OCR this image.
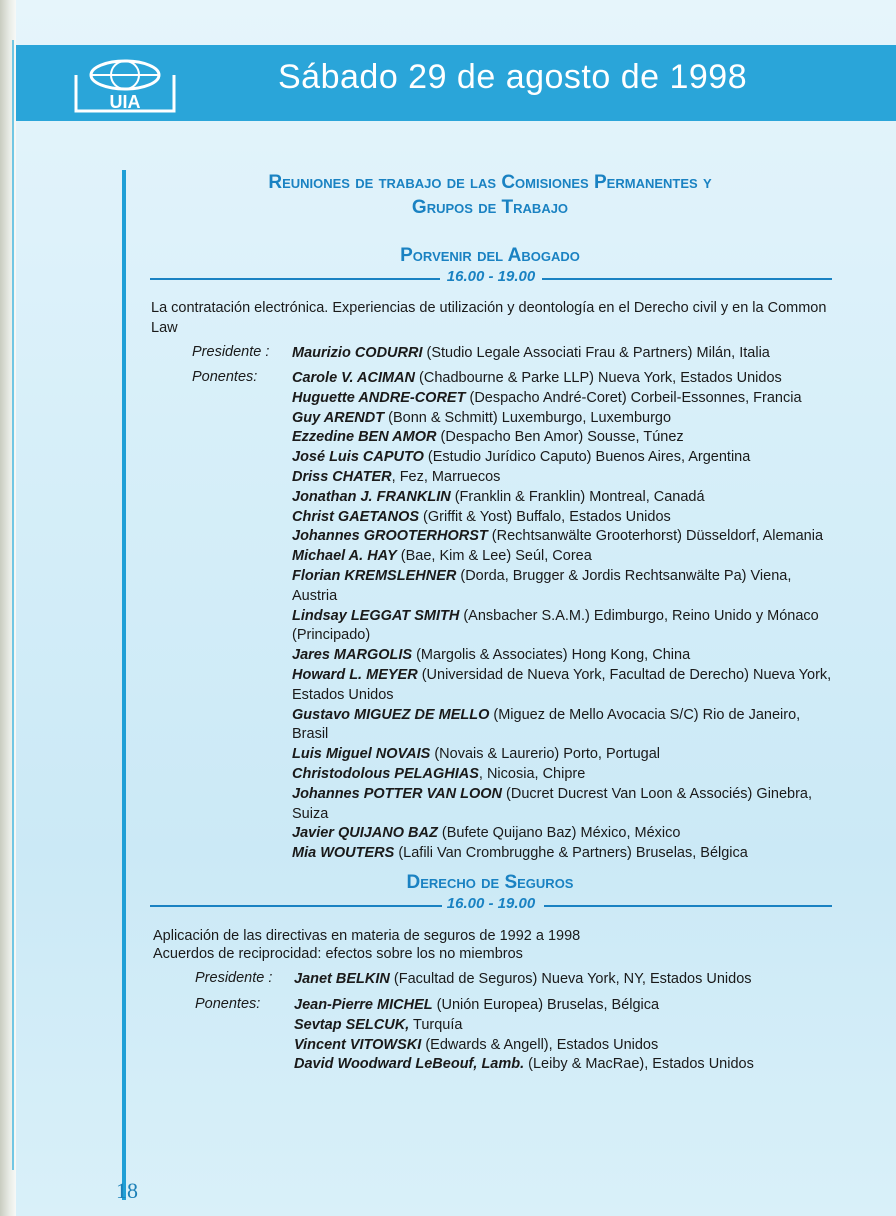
UIA
Sábado 29 de agosto de 1998
Reuniones de trabajo de las Comisiones Permanentes y
Grupos de Trabajo
Porvenir del Abogado
16.00 - 19.00
La contratación electrónica. Experiencias de utilización y deontología en el Derecho civil y en la Common Law
Presidente : Maurizio CODURRI (Studio Legale Associati Frau & Partners) Milán, Italia
Ponentes: Carole V. ACIMAN (Chadbourne & Parke LLP) Nueva York, Estados Unidos
Huguette ANDRE-CORET (Despacho André-Coret) Corbeil-Essonnes, Francia
Guy ARENDT (Bonn & Schmitt) Luxemburgo, Luxemburgo
Ezzedine BEN AMOR (Despacho Ben Amor) Sousse, Túnez
José Luis CAPUTO (Estudio Jurídico Caputo) Buenos Aires, Argentina
Driss CHATER, Fez, Marruecos
Jonathan J. FRANKLIN (Franklin & Franklin) Montreal, Canadá
Christ GAETANOS (Griffit & Yost) Buffalo, Estados Unidos
Johannes GROOTERHORST (Rechtsanwälte Grooterhorst) Düsseldorf, Alemania
Michael A. HAY (Bae, Kim & Lee) Seúl, Corea
Florian KREMSLEHNER (Dorda, Brugger & Jordis Rechtsanwälte Pa) Viena, Austria
Lindsay LEGGAT SMITH (Ansbacher S.A.M.) Edimburgo, Reino Unido y Mónaco (Principado)
Jares MARGOLIS (Margolis & Associates) Hong Kong, China
Howard L. MEYER (Universidad de Nueva York, Facultad de Derecho) Nueva York, Estados Unidos
Gustavo MIGUEZ DE MELLO (Miguez de Mello Avocacia S/C) Rio de Janeiro, Brasil
Luis Miguel NOVAIS (Novais & Laurerio) Porto, Portugal
Christodolous PELAGHIAS, Nicosia, Chipre
Johannes POTTER VAN LOON (Ducret Ducrest Van Loon & Associés) Ginebra, Suiza
Javier QUIJANO BAZ (Bufete Quijano Baz) México, México
Mia WOUTERS (Lafili Van Crombrugghe & Partners) Bruselas, Bélgica
Derecho de Seguros
16.00 - 19.00
Aplicación de las directivas en materia de seguros de 1992 a 1998
Acuerdos de reciprocidad: efectos sobre los no miembros
Presidente : Janet BELKIN (Facultad de Seguros) Nueva York, NY, Estados Unidos
Ponentes: Jean-Pierre MICHEL (Unión Europea) Bruselas, Bélgica
Sevtap SELCUK, Turquía
Vincent VITOWSKI (Edwards & Angell), Estados Unidos
David Woodward LeBeouf, Lamb. (Leiby & MacRae), Estados Unidos
18
